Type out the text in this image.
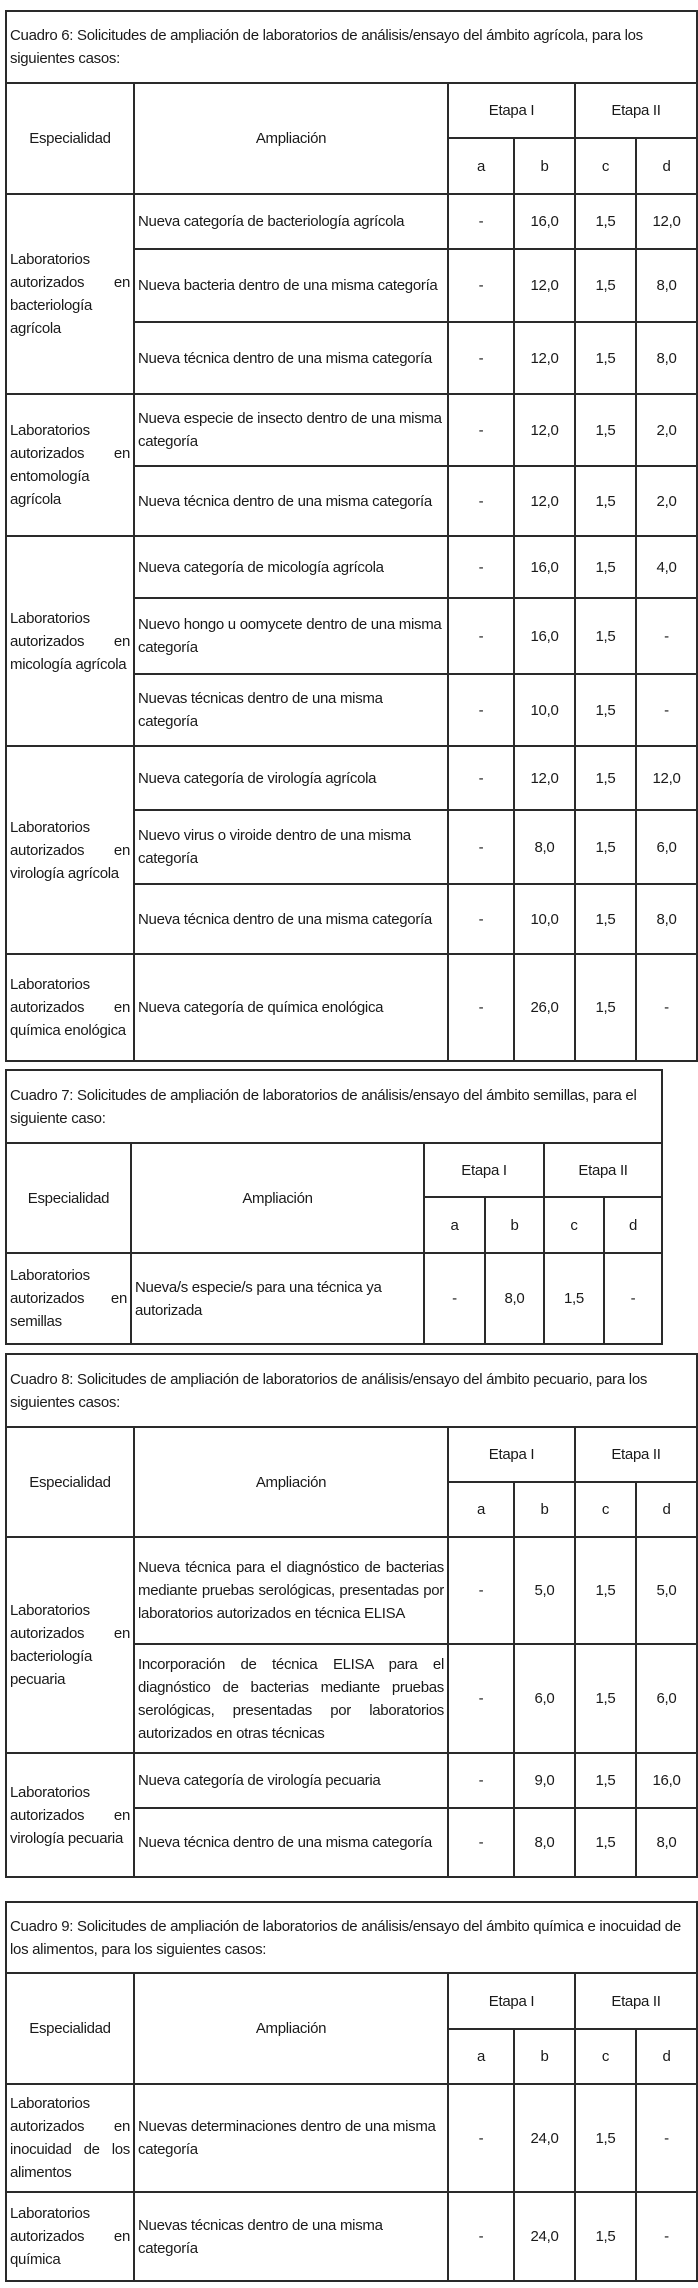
Cuadro 6: Solicitudes de ampliación de laboratorios de análisis/ensayo del ámbito agrícola, para los siguientes casos:					
Especialidad	Ampliación	Etapa I		Etapa II	
		a	b	c	d
Laboratorios autorizados en bacteriología agrícola	Nueva categoría de bacteriología agrícola	-	16,0	1,5	12,0
	Nueva bacteria dentro de una misma categoría	-	12,0	1,5	8,0
	Nueva técnica dentro de una misma categoría	-	12,0	1,5	8,0
Laboratorios autorizados en entomología agrícola	Nueva especie de insecto dentro de una misma categoría	-	12,0	1,5	2,0
	Nueva técnica dentro de una misma categoría	-	12,0	1,5	2,0
Laboratorios autorizados en micología agrícola	Nueva categoría de micología agrícola	-	16,0	1,5	4,0
	Nuevo hongo u oomycete dentro de una misma categoría	-	16,0	1,5	-
	Nuevas técnicas dentro de una misma categoría	-	10,0	1,5	-
Laboratorios autorizados en virología agrícola	Nueva categoría de virología agrícola	-	12,0	1,5	12,0
	Nuevo virus o viroide dentro de una misma categoría	-	8,0	1,5	6,0
	Nueva técnica dentro de una misma categoría	-	10,0	1,5	8,0
Laboratorios autorizados en química enológica	Nueva categoría de química enológica	-	26,0	1,5	-
Cuadro 7: Solicitudes de ampliación de laboratorios de análisis/ensayo del ámbito semillas, para el siguiente caso:					
Especialidad	Ampliación	Etapa I		Etapa II	
		a	b	c	d
Laboratorios autorizados en semillas	Nueva/s especie/s para una técnica ya autorizada	-	8,0	1,5	-
Cuadro 8: Solicitudes de ampliación de laboratorios de análisis/ensayo del ámbito pecuario, para los siguientes casos:					
Especialidad	Ampliación	Etapa I		Etapa II	
		a	b	c	d
Laboratorios autorizados en bacteriología pecuaria	Nueva técnica para el diagnóstico de bacterias mediante pruebas serológicas, presentadas por laboratorios autorizados en técnica ELISA	-	5,0	1,5	5,0
	Incorporación de técnica ELISA para el diagnóstico de bacterias mediante pruebas serológicas, presentadas por laboratorios autorizados en otras técnicas	-	6,0	1,5	6,0
Laboratorios autorizados en virología pecuaria	Nueva categoría de virología pecuaria	-	9,0	1,5	16,0
	Nueva técnica dentro de una misma categoría	-	8,0	1,5	8,0
Cuadro 9: Solicitudes de ampliación de laboratorios de análisis/ensayo del ámbito química e inocuidad de los alimentos, para los siguientes casos:					
Especialidad	Ampliación	Etapa I		Etapa II	
		a	b	c	d
Laboratorios autorizados en inocuidad de los alimentos	Nuevas determinaciones dentro de una misma categoría	-	24,0	1,5	-
Laboratorios autorizados en química	Nuevas técnicas dentro de una misma categoría	-	24,0	1,5	-
